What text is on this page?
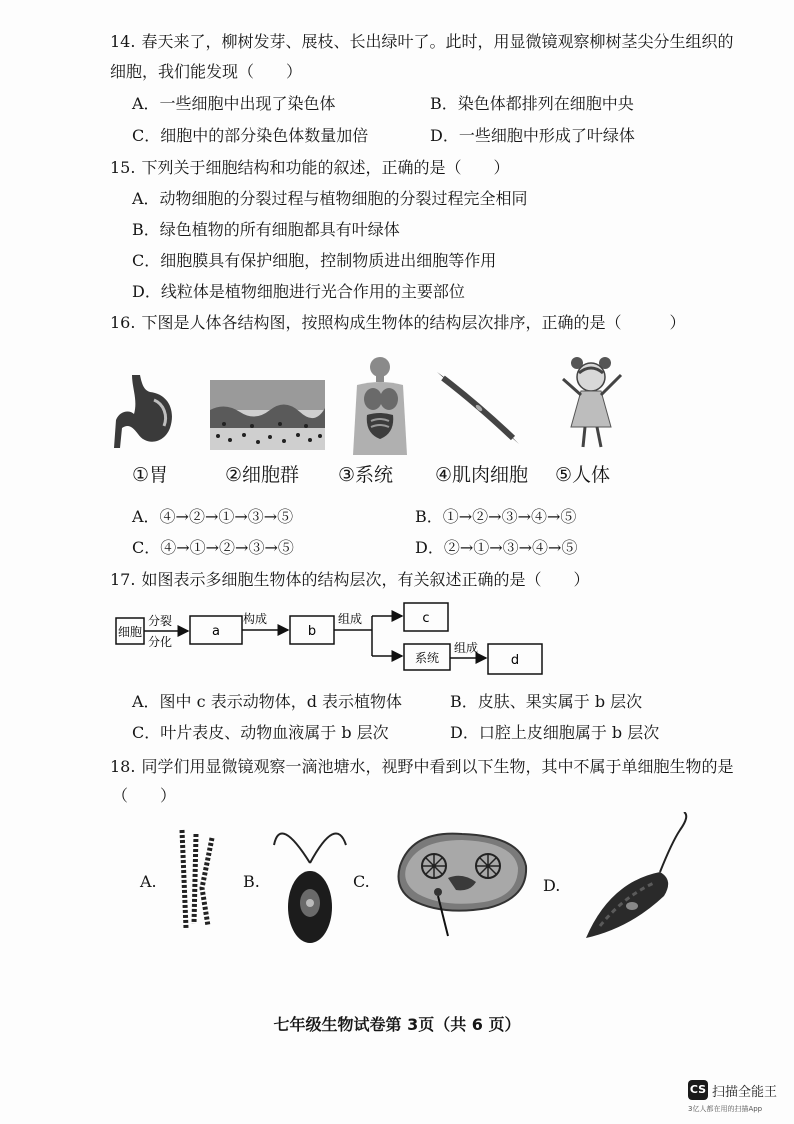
14. 春天来了，柳树发芽、展枝、长出绿叶了。此时，用显微镜观察柳树茎尖分生组织的
细胞，我们能发现（　　）
A．一些细胞中出现了染色体	B．染色体都排列在细胞中央
C．细胞中的部分染色体数量加倍	D．一些细胞中形成了叶绿体
15. 下列关于细胞结构和功能的叙述，正确的是（　　）
A．动物细胞的分裂过程与植物细胞的分裂过程完全相同
B．绿色植物的所有细胞都具有叶绿体
C．细胞膜具有保护细胞，控制物质进出细胞等作用
D．线粒体是植物细胞进行光合作用的主要部位
16. 下图是人体各结构图，按照构成生物体的结构层次排序，正确的是（　　　）
①胃	②细胞群 ③系统 ④肌肉细胞 ⑤人体
A．④→②→①→③→⑤	B．①→②→③→④→⑤
C．④→①→②→③→⑤	D．②→①→③→④→⑤
17. 如图表示多细胞生物体的结构层次，有关叙述正确的是（　　）
细胞
分裂
分化
a
构成
b
组成	c
系统
组成
d
A．图中 c 表示动物体，d 表示植物体	B．皮肤、果实属于 b 层次
C．叶片表皮、动物血液属于 b 层次	D．口腔上皮细胞属于 b 层次
18. 同学们用显微镜观察一滴池塘水，视野中看到以下生物，其中不属于单细胞生物的是
（　　）
A.	B.	C.	D.
七年级生物试卷第 3页（共 6 页）
CS 扫描全能王
3亿人都在用的扫描App
